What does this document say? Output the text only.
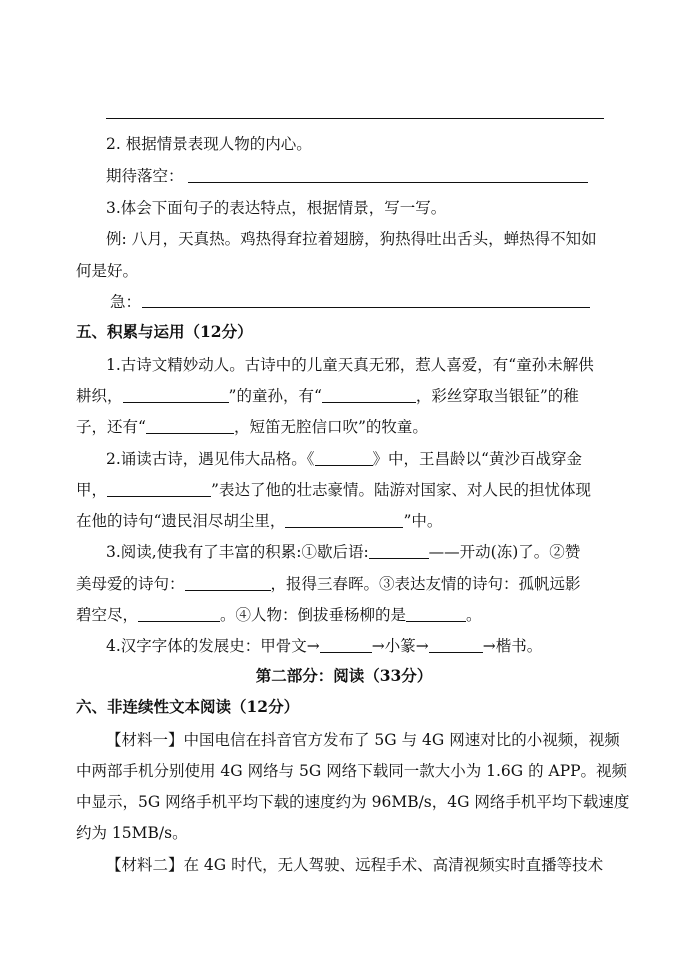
2. 根据情景表现人物的内心。
期待落空：
3.体会下面句子的表达特点，根据情景，写一写。
例: 八月，天真热。鸡热得耷拉着翅膀，狗热得吐出舌头，蝉热得不知如
何是好。
急：
五、积累与运用（12分）
1.古诗文精妙动人。古诗中的儿童天真无邪，惹人喜爱，有“童孙未解供
耕织，	”的童孙，有“	，彩丝穿取当银钲”的稚
子，还有“	，短笛无腔信口吹”的牧童。
2.诵读古诗，遇见伟大品格。《	》中，王昌龄以“黄沙百战穿金
甲，	”表达了他的壮志豪情。陆游对国家、对人民的担忧体现
在他的诗句“遗民泪尽胡尘里，	”中。
3.阅读,使我有了丰富的积累:①歇后语:	——开动(冻)了。②赞
美母爱的诗句：	，报得三春晖。③表达友情的诗句：孤帆远影
碧空尽，	。④人物：倒拔垂杨柳的是	。
4.汉字字体的发展史：甲骨文→	→小篆→	→楷书。
第二部分：阅读（33分）
六、非连续性文本阅读（12分）
【材料一】中国电信在抖音官方发布了 5G 与 4G 网速对比的小视频，视频
中两部手机分别使用 4G 网络与 5G 网络下载同一款大小为 1.6G 的 APP。视频
中显示，5G 网络手机平均下载的速度约为 96MB/s，4G 网络手机平均下载速度
约为 15MB/s。
【材料二】在 4G 时代，无人驾驶、远程手术、高清视频实时直播等技术
